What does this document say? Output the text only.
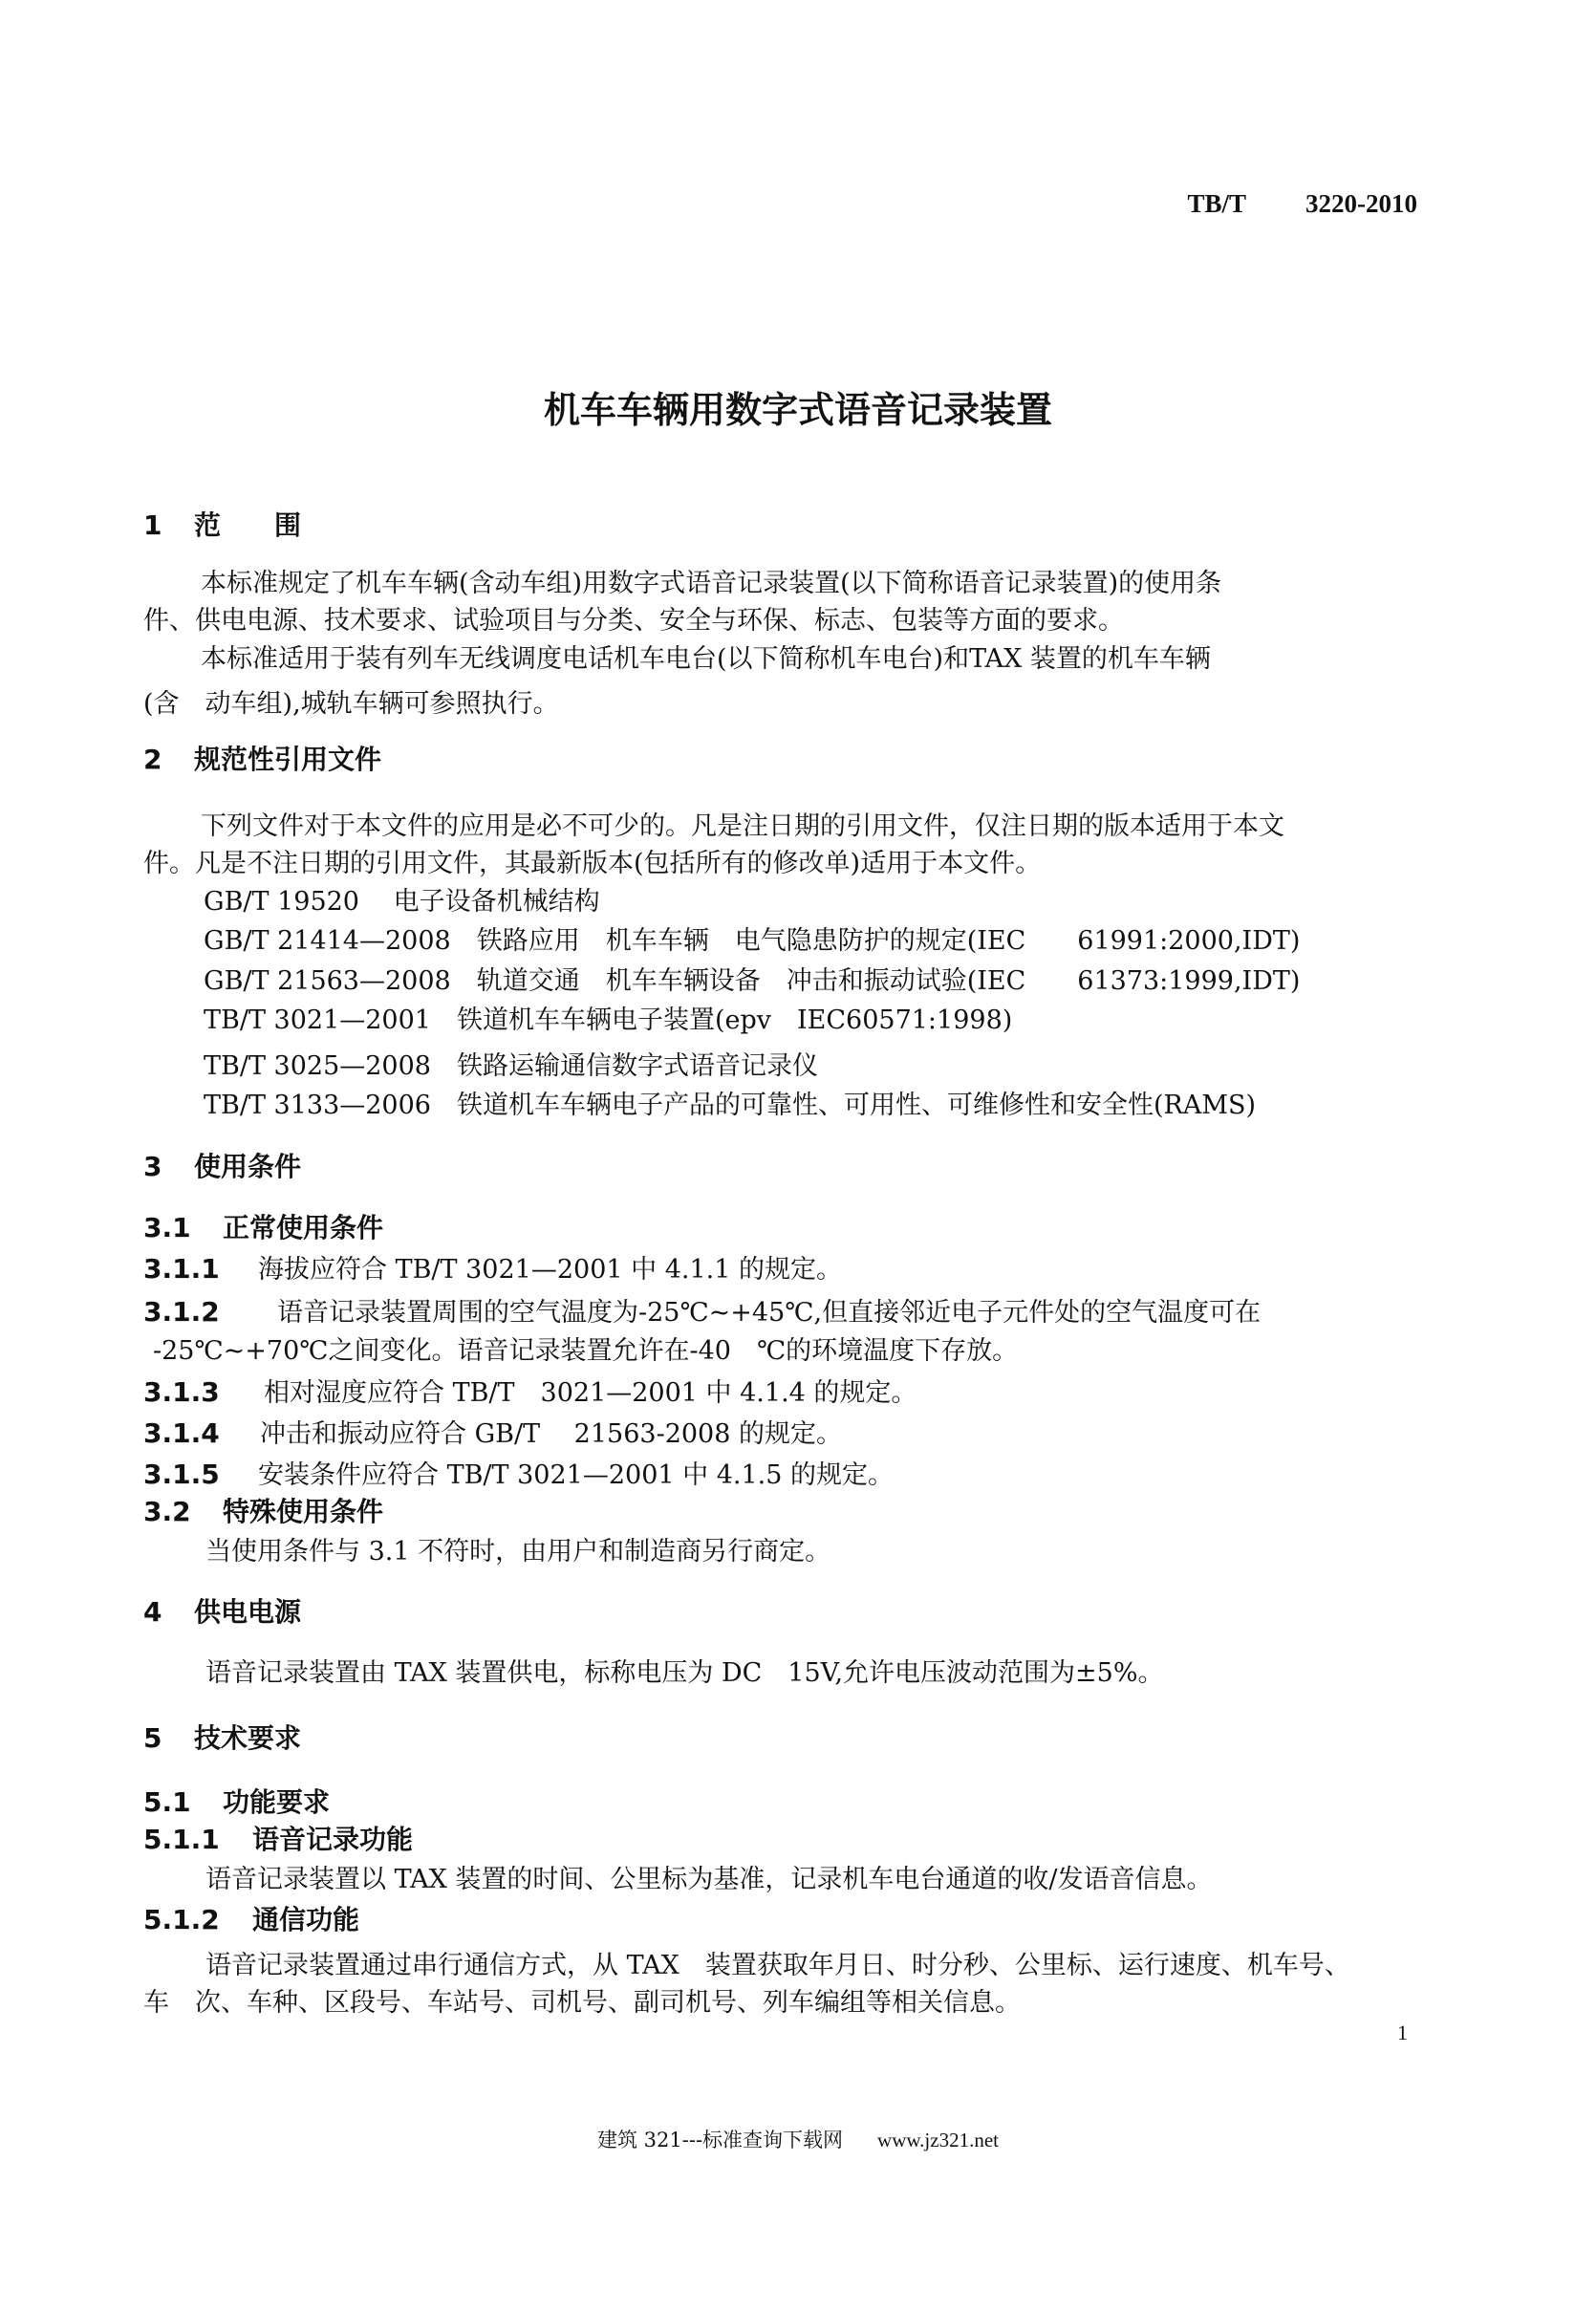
TB/T 3220-2010
机车车辆用数字式语音记录装置
1 范　　围
本标准规定了机车车辆(含动车组)用数字式语音记录装置(以下简称语音记录装置)的使用条
件、供电电源、技术要求、试验项目与分类、安全与环保、标志、包装等方面的要求。
本标准适用于装有列车无线调度电话机车电台(以下简称机车电台)和TAX 装置的机车车辆
(含　动车组),城轨车辆可参照执行。
2 规范性引用文件
下列文件对于本文件的应用是必不可少的。凡是注日期的引用文件，仅注日期的版本适用于本文
件。凡是不注日期的引用文件，其最新版本(包括所有的修改单)适用于本文件。
GB/T 19520　 电子设备机械结构
GB/T 21414—2008　铁路应用　机车车辆　电气隐患防护的规定(IEC　　61991:2000,IDT)
GB/T 21563—2008　轨道交通　机车车辆设备　冲击和振动试验(IEC　　61373:1999,IDT)
TB/T 3021—2001　铁道机车车辆电子装置(epv　IEC60571:1998)
TB/T 3025—2008　铁路运输通信数字式语音记录仪
TB/T 3133—2006　铁道机车车辆电子产品的可靠性、可用性、可维修性和安全性(RAMS)
3 使用条件
3.1 正常使用条件
3.1.1 海拔应符合 TB/T 3021—2001 中 4.1.1 的规定。
3.1.2 语音记录装置周围的空气温度为-25℃~+45℃,但直接邻近电子元件处的空气温度可在
-25℃~+70℃之间变化。语音记录装置允许在-40　℃的环境温度下存放。
3.1.3 相对湿度应符合 TB/T　3021—2001 中 4.1.4 的规定。
3.1.4 冲击和振动应符合 GB/T　 21563-2008 的规定。
3.1.5 安装条件应符合 TB/T 3021—2001 中 4.1.5 的规定。
3.2 特殊使用条件
当使用条件与 3.1 不符时，由用户和制造商另行商定。
4 供电电源
语音记录装置由 TAX 装置供电，标称电压为 DC　15V,允许电压波动范围为±5%。
5 技术要求
5.1 功能要求
5.1.1 语音记录功能
语音记录装置以 TAX 装置的时间、公里标为基准，记录机车电台通道的收/发语音信息。
5.1.2 通信功能
语音记录装置通过串行通信方式，从 TAX　装置获取年月日、时分秒、公里标、运行速度、机车号、
车　次、车种、区段号、车站号、司机号、副司机号、列车编组等相关信息。
1
建筑 321---标准查询下载网 www.jz321.net
